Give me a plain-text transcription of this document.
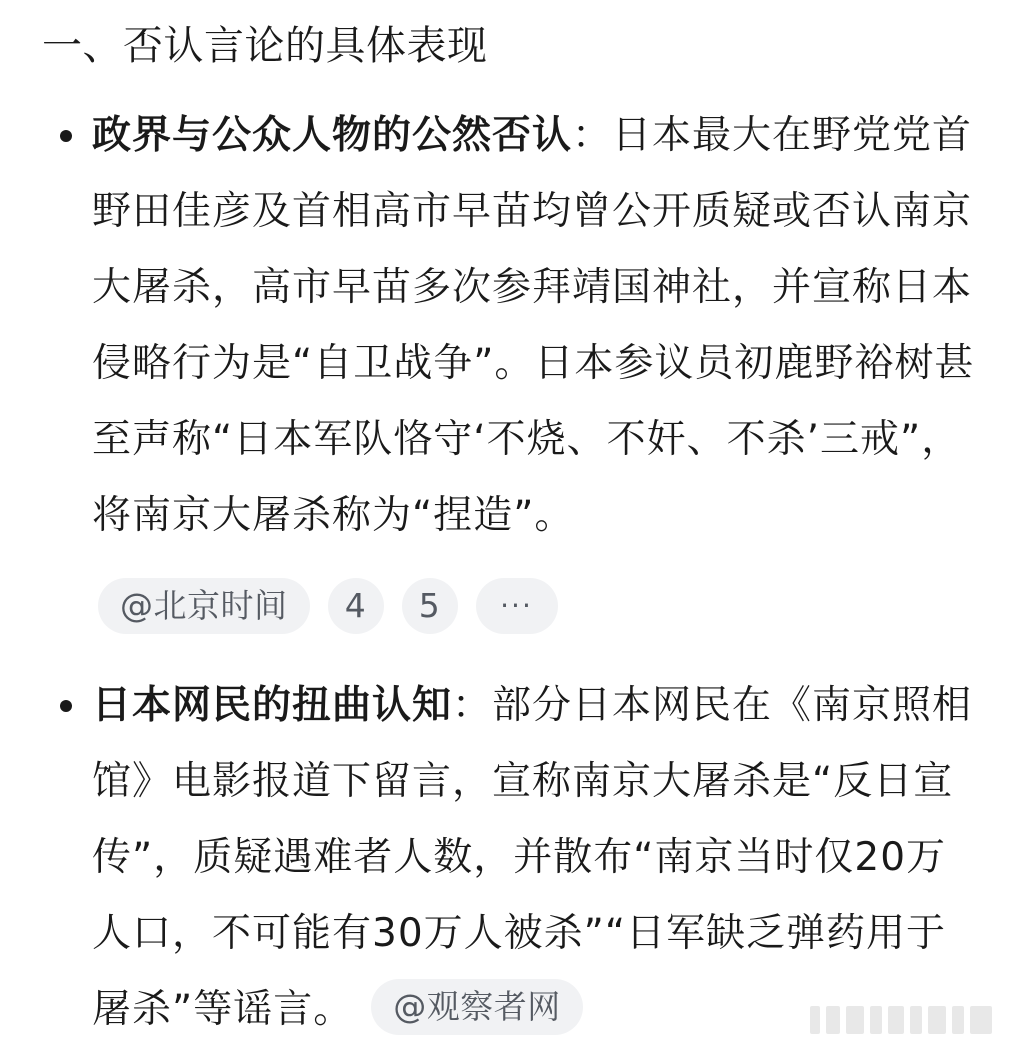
一、否认言论的具体表现
政界与公众人物的公然否认：日本最大在野党党首野田佳彦及首相高市早苗均曾公开质疑或否认南京大屠杀，高市早苗多次参拜靖国神社，并宣称日本侵略行为是“自卫战争”。日本参议员初鹿野裕树甚至声称“日本军队恪守‘不烧、不奸、不杀’三戒”，将南京大屠杀称为“捏造”。
@北京时间	4	5	···
日本网民的扭曲认知：部分日本网民在《南京照相馆》电影报道下留言，宣称南京大屠杀是“反日宣传”，质疑遇难者人数，并散布“南京当时仅20万人口，不可能有30万人被杀”“日军缺乏弹药用于屠杀”等谣言。 @观察者网
